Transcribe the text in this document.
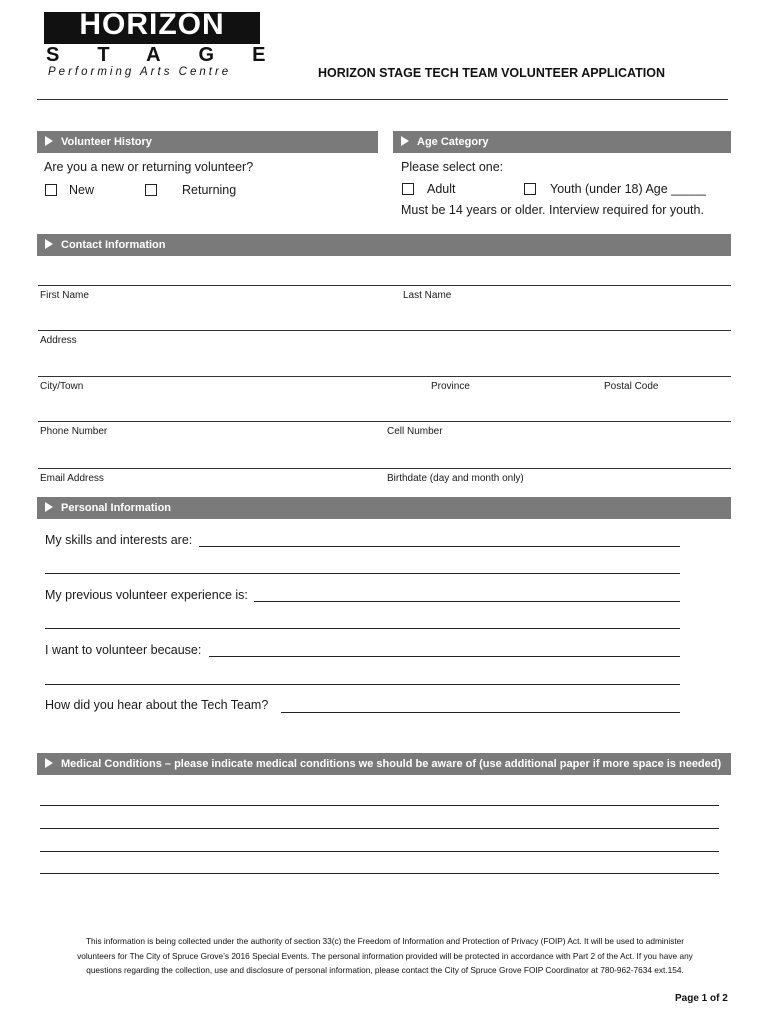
HORIZON
STAGE
Performing Arts Centre	HORIZON STAGE TECH TEAM VOLUNTEER APPLICATION
Volunteer History
Are you a new or returning volunteer?
New	Returning
Age Category
Please select one:
Adult	Youth (under 18) Age _____
Must be 14 years or older. Interview required for youth.
Contact Information
First Name	Last Name
Address
City/Town	Province	Postal Code
Phone Number	Cell Number
Email Address	Birthdate (day and month only)
Personal Information
My skills and interests are:
My previous volunteer experience is:
I want to volunteer because:
How did you hear about the Tech Team?
Medical Conditions – please indicate medical conditions we should be aware of (use additional paper if more space is needed)
This information is being collected under the authority of section 33(c) the Freedom of Information and Protection of Privacy (FOIP) Act. It will be used to administer
volunteers for The City of Spruce Grove’s 2016 Special Events. The personal information provided will be protected in accordance with Part 2 of the Act. If you have any
questions regarding the collection, use and disclosure of personal information, please contact the City of Spruce Grove FOIP Coordinator at 780-962-7634 ext.154.
Page 1 of 2
